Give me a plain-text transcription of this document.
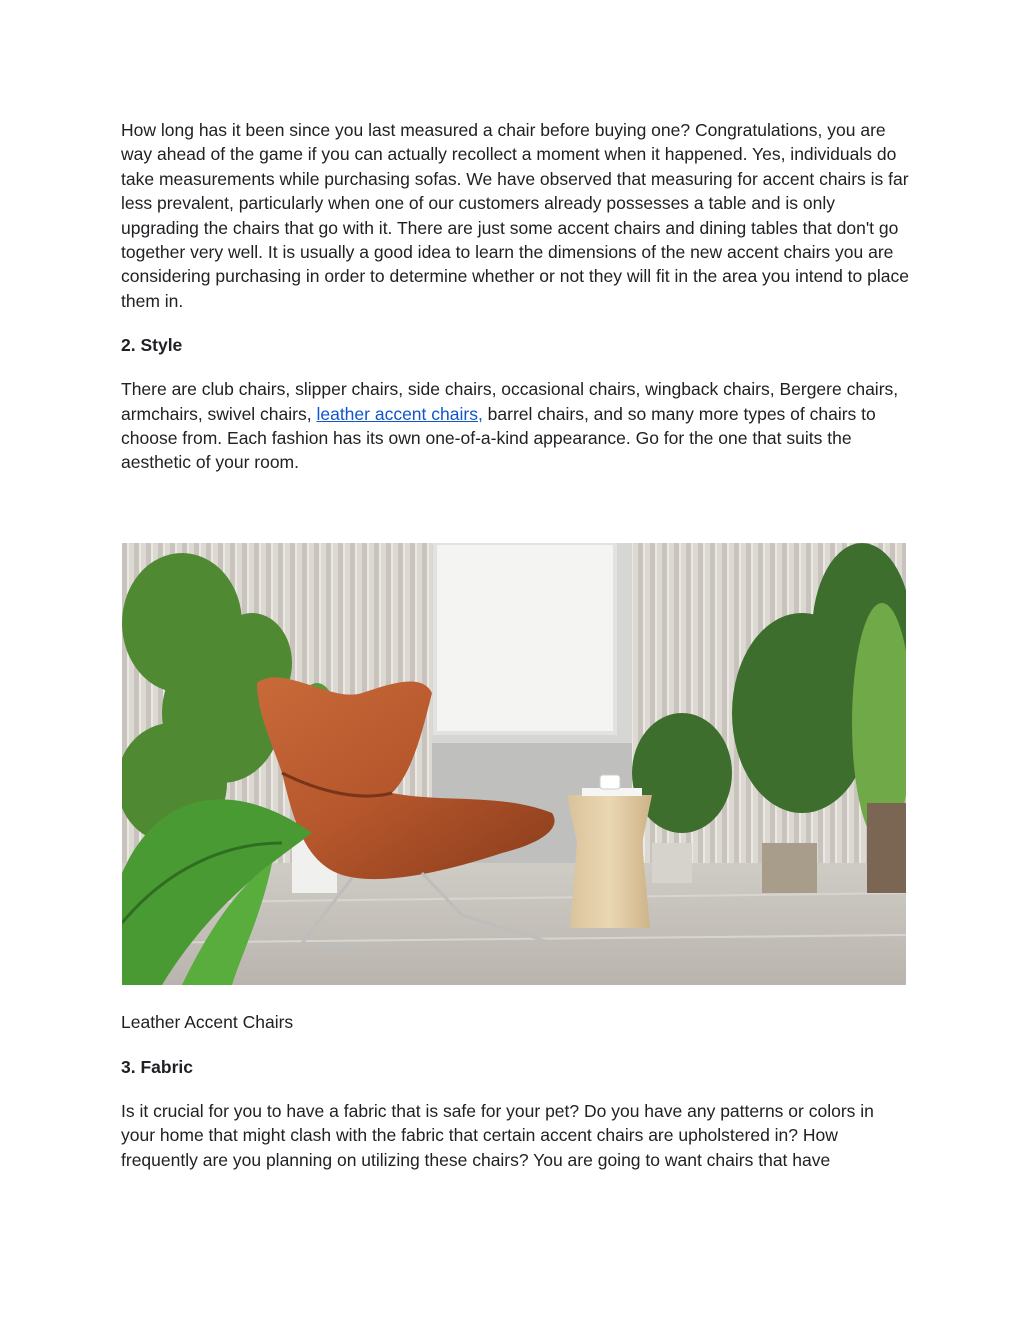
How long has it been since you last measured a chair before buying one? Congratulations, you are way ahead of the game if you can actually recollect a moment when it happened. Yes, individuals do take measurements while purchasing sofas. We have observed that measuring for accent chairs is far less prevalent, particularly when one of our customers already possesses a table and is only upgrading the chairs that go with it. There are just some accent chairs and dining tables that don't go together very well. It is usually a good idea to learn the dimensions of the new accent chairs you are considering purchasing in order to determine whether or not they will fit in the area you intend to place them in.

2. Style

There are club chairs, slipper chairs, side chairs, occasional chairs, wingback chairs, Bergere chairs, armchairs, swivel chairs, leather accent chairs, barrel chairs, and so many more types of chairs to choose from. Each fashion has its own one-of-a-kind appearance. Go for the one that suits the aesthetic of your room.

Leather Accent Chairs

3. Fabric

Is it crucial for you to have a fabric that is safe for your pet? Do you have any patterns or colors in your home that might clash with the fabric that certain accent chairs are upholstered in? How frequently are you planning on utilizing these chairs? You are going to want chairs that have
